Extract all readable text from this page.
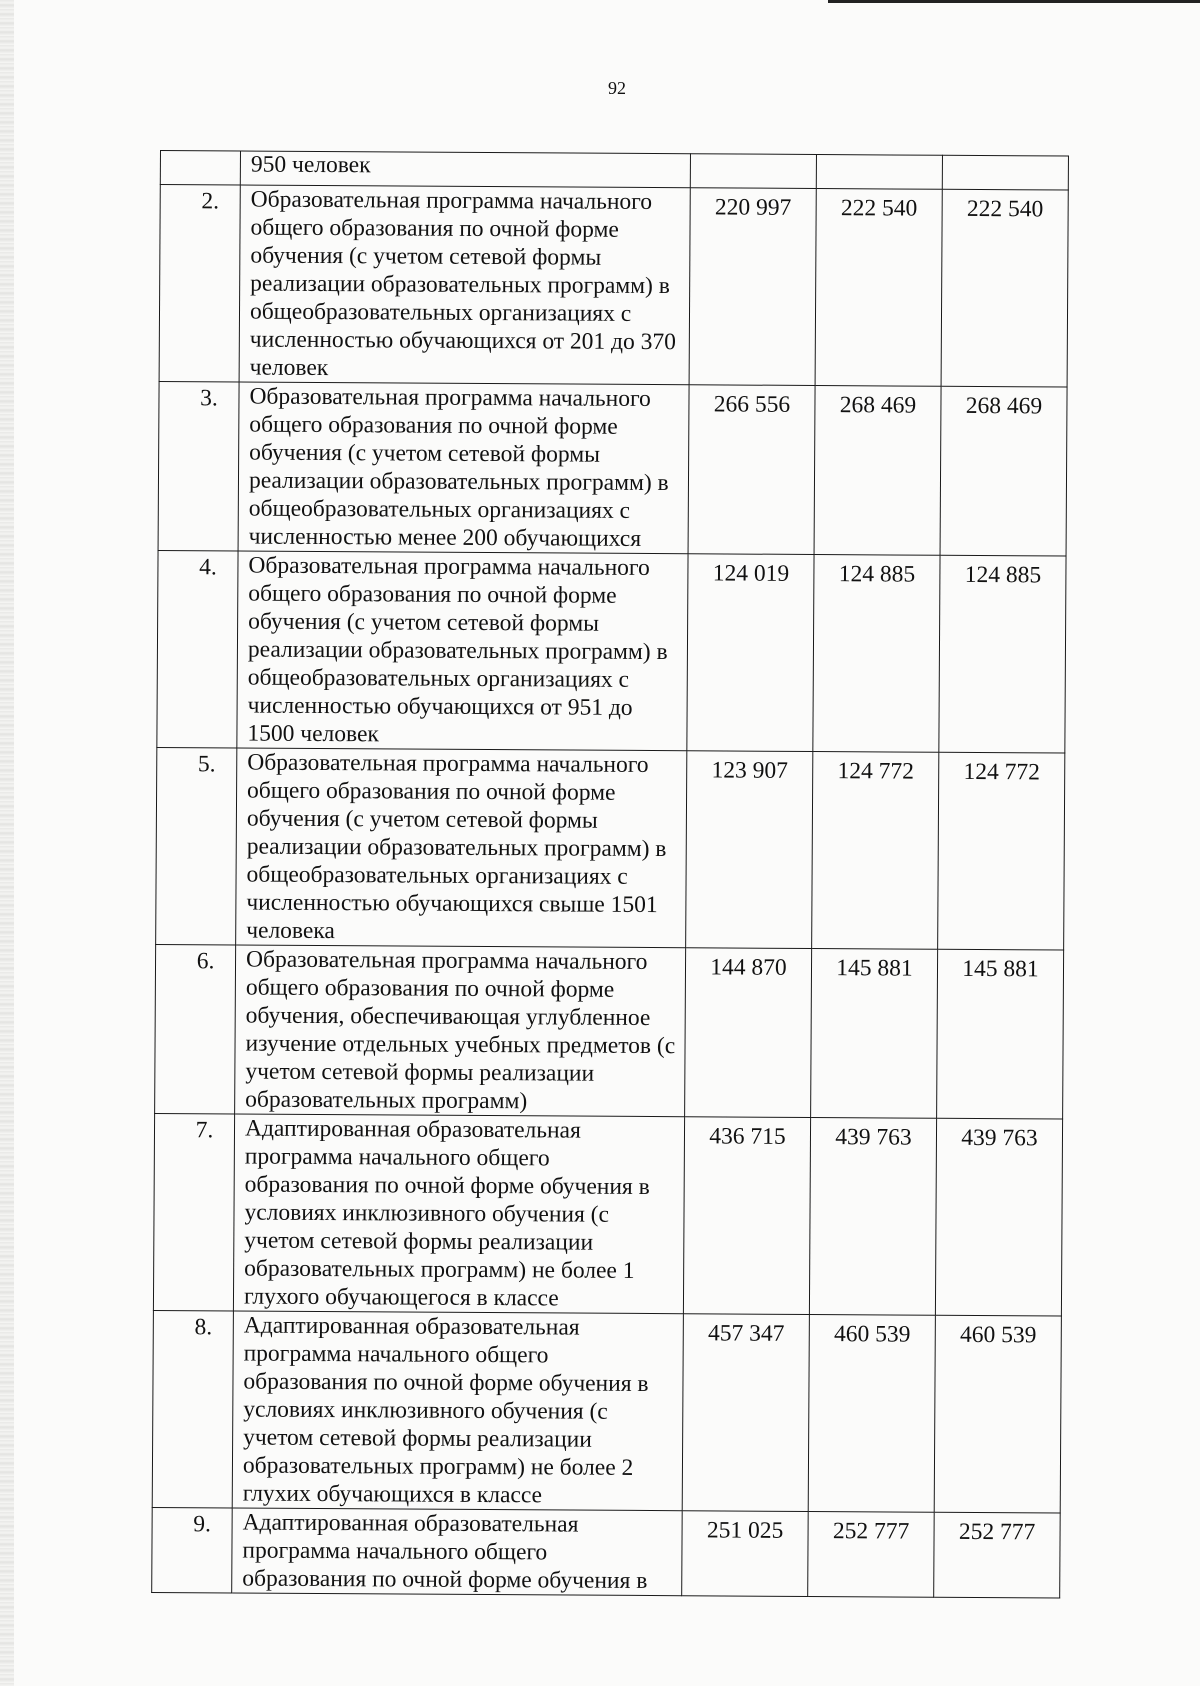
92
	950 человек			
2.	Образовательная программа начального общего образования по очной форме обучения (с учетом сетевой формы реализации образовательных программ) в общеобразовательных организациях с численностью обучающихся от 201 до 370 человек	220 997	222 540	222 540
3.	Образовательная программа начального общего образования по очной форме обучения (с учетом сетевой формы реализации образовательных программ) в общеобразовательных организациях с численностью менее 200 обучающихся	266 556	268 469	268 469
4.	Образовательная программа начального общего образования по очной форме обучения (с учетом сетевой формы реализации образовательных программ) в общеобразовательных организациях с численностью обучающихся от 951 до 1500 человек	124 019	124 885	124 885
5.	Образовательная программа начального общего образования по очной форме обучения (с учетом сетевой формы реализации образовательных программ) в общеобразовательных организациях с численностью обучающихся свыше 1501 человека	123 907	124 772	124 772
6.	Образовательная программа начального общего образования по очной форме обучения, обеспечивающая углубленное изучение отдельных учебных предметов (с учетом сетевой формы реализации образовательных программ)	144 870	145 881	145 881
7.	Адаптированная образовательная программа начального общего образования по очной форме обучения в условиях инклюзивного обучения (с учетом сетевой формы реализации образовательных программ) не более 1 глухого обучающегося в классе	436 715	439 763	439 763
8.	Адаптированная образовательная программа начального общего образования по очной форме обучения в условиях инклюзивного обучения (с учетом сетевой формы реализации образовательных программ) не более 2 глухих обучающихся в классе	457 347	460 539	460 539
9.	Адаптированная образовательная программа начального общего образования по очной форме обучения в	251 025	252 777	252 777
